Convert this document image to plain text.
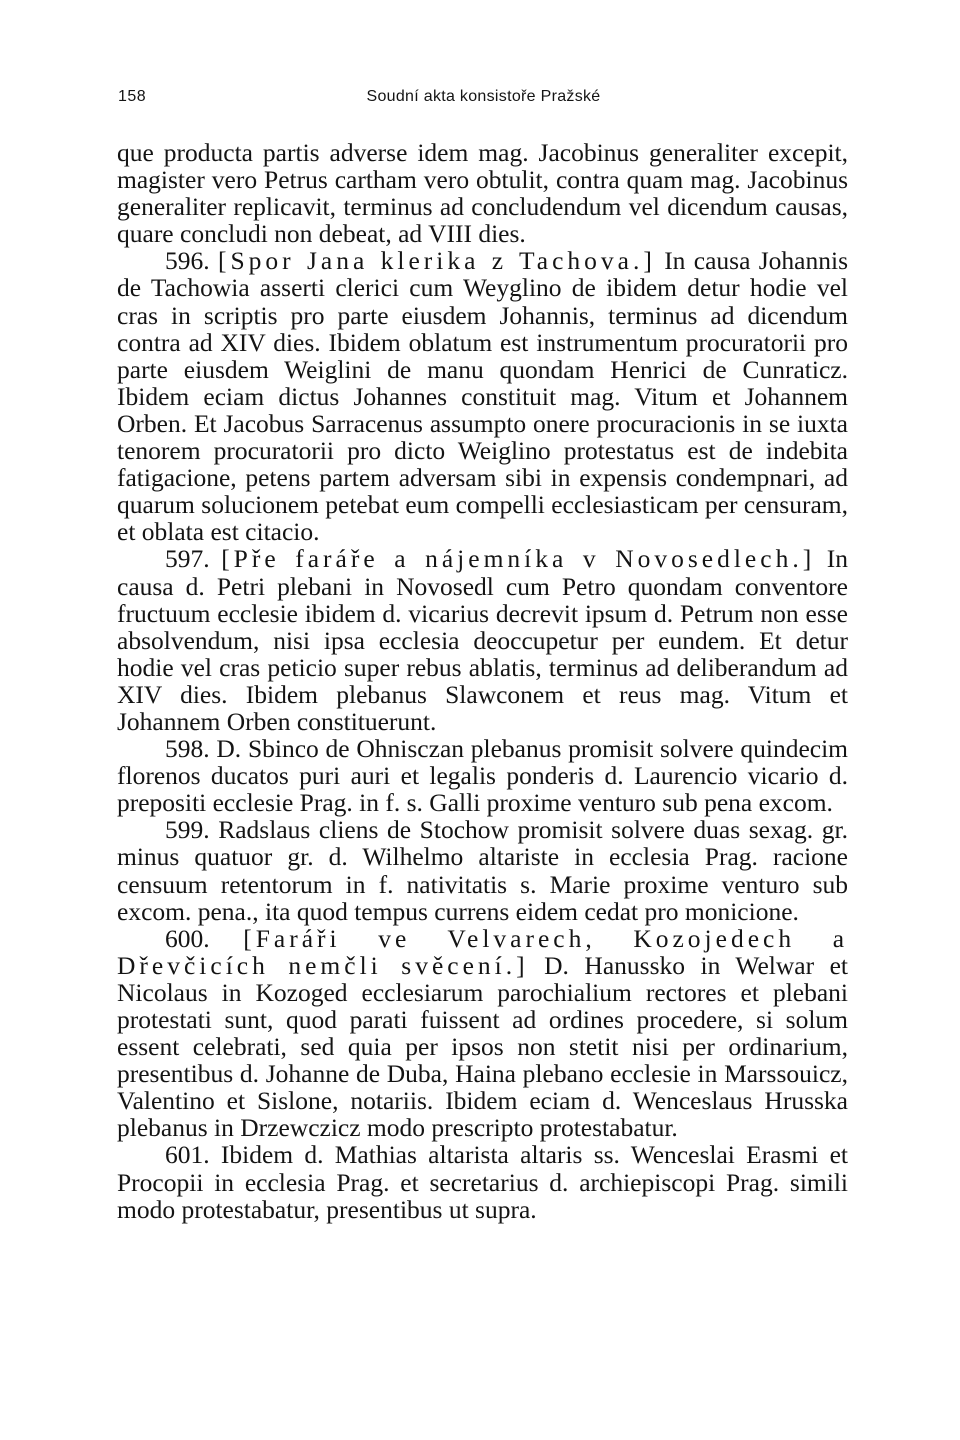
158	Soudní akta konsistoře Pražské

que producta partis adverse idem mag. Jacobinus generaliter excepit, magister vero Petrus cartham vero obtulit, contra quam mag. Jacobinus generaliter replicavit, terminus ad concludendum vel dicendum causas, quare concludi non debeat, ad VIII dies.

596. [Spor Jana klerika z Tachova.] In causa Johannis de Tachowia asserti clerici cum Weyglino de ibidem detur hodie vel cras in scriptis pro parte eiusdem Johannis, terminus ad dicendum contra ad XIV dies. Ibidem oblatum est instrumentum procuratorii pro parte eiusdem Weiglini de manu quondam Henrici de Cunraticz. Ibidem eciam dictus Johannes constituit mag. Vitum et Johannem Orben. Et Jacobus Sarracenus assumpto onere procuracionis in se iuxta tenorem procuratorii pro dicto Weiglino protestatus est de indebita fatigacione, petens partem adversam sibi in expensis condempnari, ad quarum solucionem petebat eum compelli ecclesiasticam per censuram, et oblata est citacio.

597. [Pře faráře a nájemníka v Novosedlech.] In causa d. Petri plebani in Novosedl cum Petro quondam conventore fructuum ecclesie ibidem d. vicarius decrevit ipsum d. Petrum non esse absolvendum, nisi ipsa ecclesia deoccupetur per eundem. Et detur hodie vel cras peticio super rebus ablatis, terminus ad deliberandum ad XIV dies. Ibidem plebanus Slawconem et reus mag. Vitum et Johannem Orben constituerunt.

598. D. Sbinco de Ohnisczan plebanus promisit solvere quindecim florenos ducatos puri auri et legalis ponderis d. Laurencio vicario d. prepositi ecclesie Prag. in f. s. Galli proxime venturo sub pena excom.

599. Radslaus cliens de Stochow promisit solvere duas sexag. gr. minus quatuor gr. d. Wilhelmo altariste in ecclesia Prag. racione censuum retentorum in f. nativitatis s. Marie proxime venturo sub excom. pena., ita quod tempus currens eidem cedat pro monicione.

600. [Faráři ve Velvarech, Kozojedech a Dřevčicích nemčli svěcení.] D. Hanussko in Welwar et Nicolaus in Kozoged ecclesiarum parochialium rectores et plebani protestati sunt, quod parati fuissent ad ordines procedere, si solum essent celebrati, sed quia per ipsos non stetit nisi per ordinarium, presentibus d. Johanne de Duba, Haina plebano ecclesie in Marssouicz, Valentino et Sislone, notariis. Ibidem eciam d. Wenceslaus Hrusska plebanus in Drzewczicz modo prescripto protestabatur.

601. Ibidem d. Mathias altarista altaris ss. Wenceslai Erasmi et Procopii in ecclesia Prag. et secretarius d. archiepiscopi Prag. simili modo protestabatur, presentibus ut supra.
